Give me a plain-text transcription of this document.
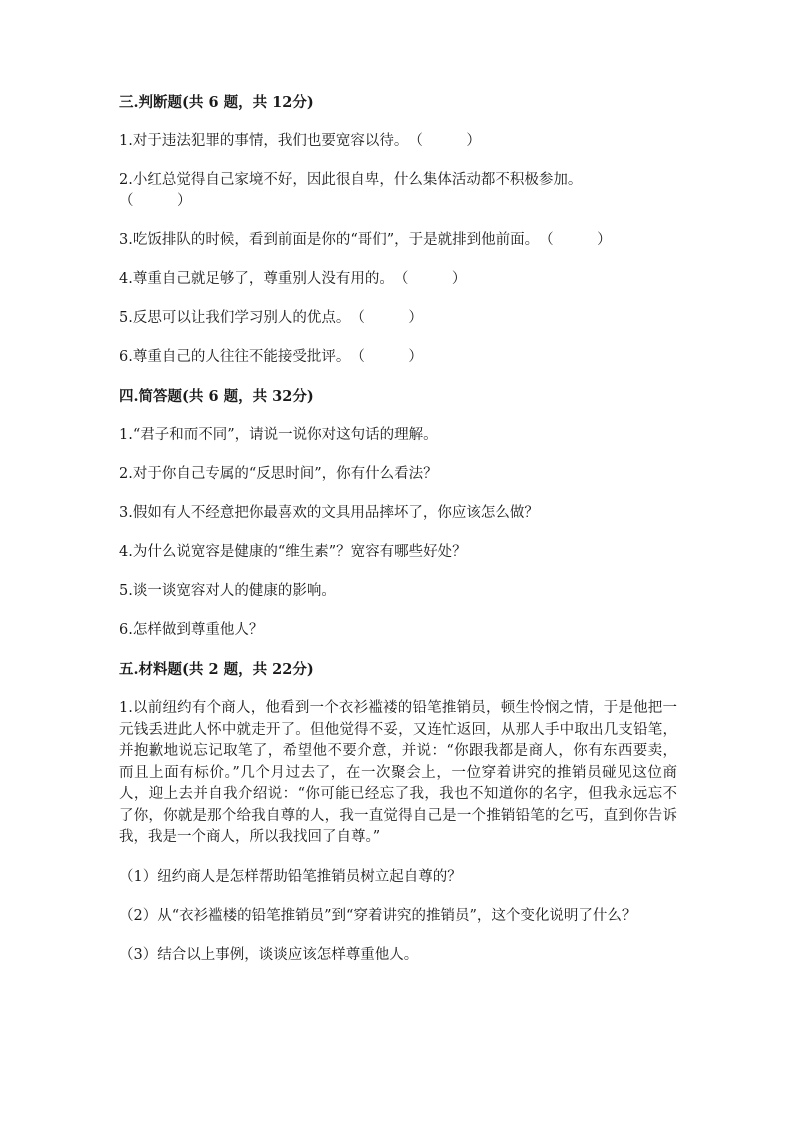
三.判断题(共 6 题，共 12分)
1.对于违法犯罪的事情，我们也要宽容以待。（　　　）
2.小红总觉得自己家境不好，因此很自卑，什么集体活动都不积极参加。
（　　　）
3.吃饭排队的时候，看到前面是你的“哥们”，于是就排到他前面。（　　　）
4.尊重自己就足够了，尊重别人没有用的。（　　　）
5.反思可以让我们学习别人的优点。（　　　）
6.尊重自己的人往往不能接受批评。（　　　）
四.简答题(共 6 题，共 32分)
1.“君子和而不同”，请说一说你对这句话的理解。
2.对于你自己专属的“反思时间”，你有什么看法？
3.假如有人不经意把你最喜欢的文具用品摔坏了，你应该怎么做？
4.为什么说宽容是健康的“维生素”？宽容有哪些好处？
5.谈一谈宽容对人的健康的影响。
6.怎样做到尊重他人？
五.材料题(共 2 题，共 22分)
1.以前纽约有个商人，他看到一个衣衫褴褛的铅笔推销员，顿生怜悯之情，于是他把一元钱丢进此人怀中就走开了。但他觉得不妥，又连忙返回，从那人手中取出几支铅笔，并抱歉地说忘记取笔了，希望他不要介意，并说：“你跟我都是商人，你有东西要卖，而且上面有标价。”几个月过去了，在一次聚会上，一位穿着讲究的推销员碰见这位商人，迎上去并自我介绍说：“你可能已经忘了我，我也不知道你的名字，但我永远忘不了你，你就是那个给我自尊的人，我一直觉得自己是一个推销铅笔的乞丐，直到你告诉我，我是一个商人，所以我找回了自尊。”
（1）纽约商人是怎样帮助铅笔推销员树立起自尊的？
（2）从“衣衫褴楼的铅笔推销员”到“穿着讲究的推销员”，这个变化说明了什么？
（3）结合以上事例，谈谈应该怎样尊重他人。
